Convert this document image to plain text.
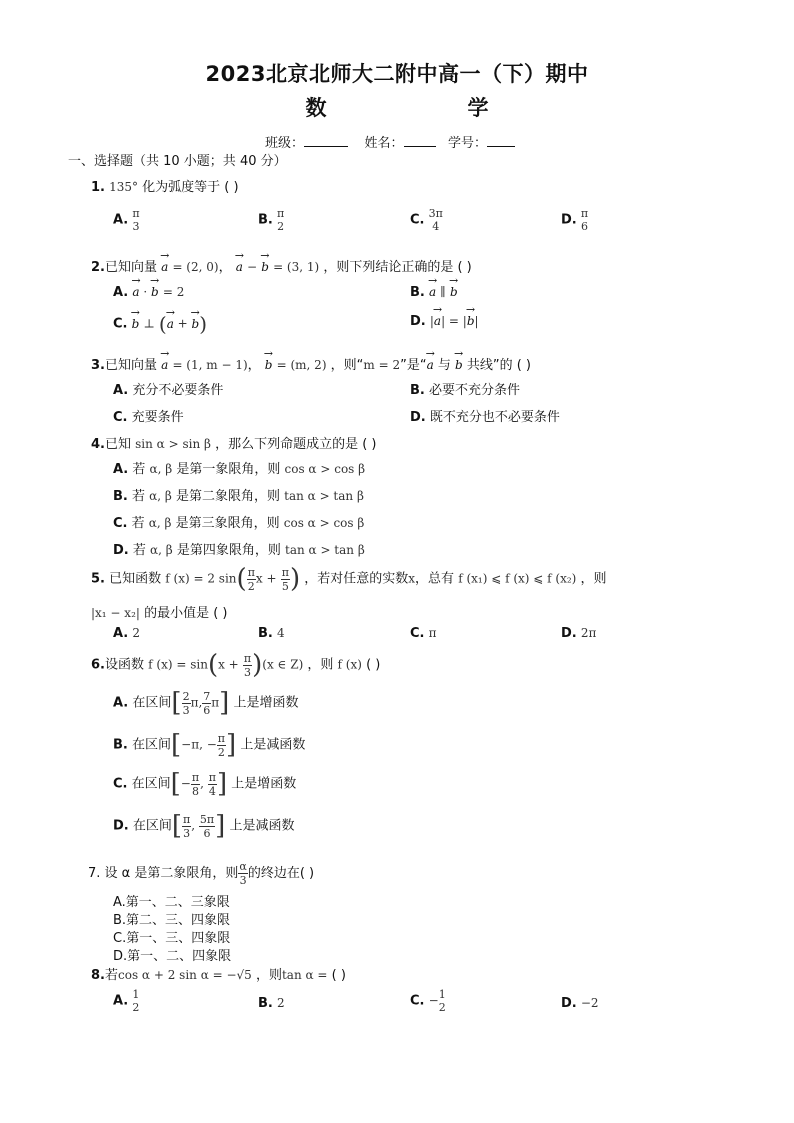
2023北京北师大二附中高一（下）期中
数　学
班级：	姓名：	学号：
一、选择题（共 10 小题；共 40 分）
1. 135° 化为弧度等于 ( )
A. π
3	B. π
2	C. 3π
4	D. π
6
2.已知向量 → a = (2, 0)， → a − → b = (3, 1) ，则下列结论正确的是 ( )
A. → a · → b = 2	B. → a ∥ → b
C. → b ⊥ (→ a + → b)	D. |→ a| = |→ b|
3.已知向量 → a = (1, m − 1)， → b = (m, 2) ，则“m = 2”是“→ a 与 → b 共线”的 ( )
A. 充分不必要条件	B. 必要不充分条件
C. 充要条件	D. 既不充分也不必要条件
4.已知 sin α > sin β ，那么下列命题成立的是 ( )
A. 若 α, β 是第一象限角，则 cos α > cos β
B. 若 α, β 是第二象限角，则 tan α > tan β
C. 若 α, β 是第三象限角，则 cos α > cos β
D. 若 α, β 是第四象限角，则 tan α > tan β
5. 已知函数 f (x) = 2 $\sin( \frac{\pi}{2}$ $x + \frac{\pi}{5}$ ) ，若对任意的实数x，总有 f (x₁) ⩽ f (x) ⩽ f (x₂) ，则
|x₁ − x₂| 的最小值是 ( )
A. 2	B. 4	C. π	D. 2π
6.设函数 f $(x) = \sin(x + \frac{\pi}{3} )(x$ ∈ Z) ，则 f (x) ( )
A. 在区间[ $\frac{2}{3} \pi$, $\frac{7}{6} \pi$] 上是增函数
B. 在区间[−π, − $\frac{\pi}{2}$ ] 上是减函数
C. 在区间[− $\frac{\pi}{8}$ , $\frac{\pi}{4}$ ] 上是增函数
D. 在区间[ $\frac{\pi}{3}$ , $\frac{5\pi}{6}$ ] 上是减函数
7. 设 α 是第二象限角，则 $\frac{\alpha}{3}$ 的终边在( )
A.第一、二、三象限
B.第二、三、四象限
C.第一、三、四象限
D.第一、二、四象限
8.若cos α + 2 sin α = −√5 ，则tan α = ( )
A. 1
2	B. 2	C. − 1
2	D. −2
